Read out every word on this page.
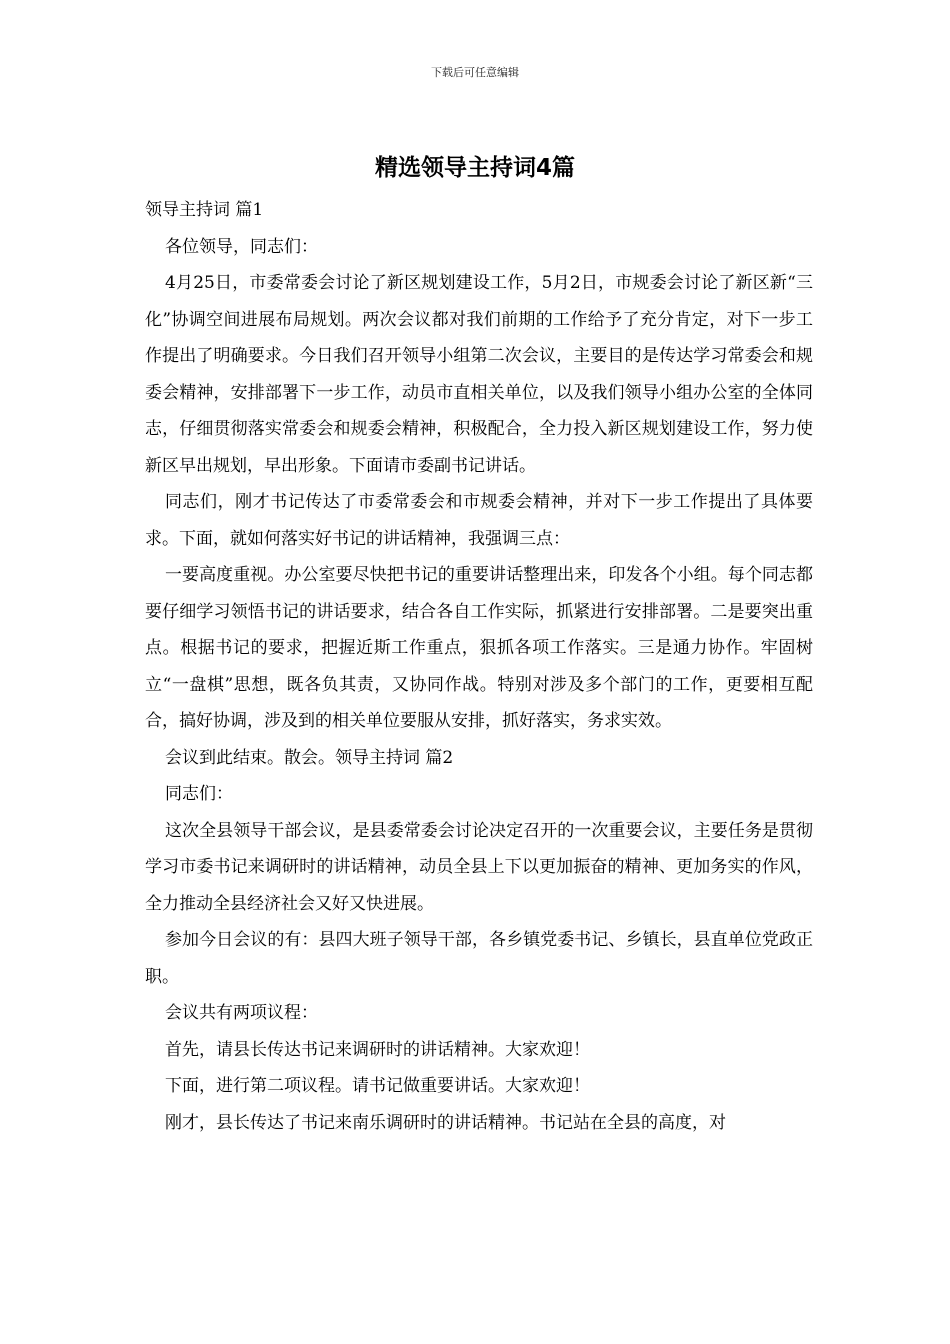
下载后可任意编辑
精选领导主持词4篇

领导主持词 篇1

各位领导，同志们：

4月25日，市委常委会讨论了新区规划建设工作，5月2日，市规委会讨论了新区新“三化”协调空间进展布局规划。两次会议都对我们前期的工作给予了充分肯定，对下一步工作提出了明确要求。今日我们召开领导小组第二次会议，主要目的是传达学习常委会和规委会精神，安排部署下一步工作，动员市直相关单位，以及我们领导小组办公室的全体同志，仔细贯彻落实常委会和规委会精神，积极配合，全力投入新区规划建设工作，努力使新区早出规划，早出形象。下面请市委副书记讲话。

同志们，刚才书记传达了市委常委会和市规委会精神，并对下一步工作提出了具体要求。下面，就如何落实好书记的讲话精神，我强调三点：

一要高度重视。办公室要尽快把书记的重要讲话整理出来，印发各个小组。每个同志都要仔细学习领悟书记的讲话要求，结合各自工作实际，抓紧进行安排部署。二是要突出重点。根据书记的要求，把握近斯工作重点，狠抓各项工作落实。三是通力协作。牢固树立“一盘棋”思想，既各负其责，又协同作战。特别对涉及多个部门的工作，更要相互配合，搞好协调，涉及到的相关单位要服从安排，抓好落实，务求实效。

会议到此结束。散会。领导主持词 篇2

同志们：

这次全县领导干部会议，是县委常委会讨论决定召开的一次重要会议，主要任务是贯彻学习市委书记来调研时的讲话精神，动员全县上下以更加振奋的精神、更加务实的作风，全力推动全县经济社会又好又快进展。

参加今日会议的有：县四大班子领导干部，各乡镇党委书记、乡镇长，县直单位党政正职。

会议共有两项议程：

首先，请县长传达书记来调研时的讲话精神。大家欢迎！

下面，进行第二项议程。请书记做重要讲话。大家欢迎！

刚才，县长传达了书记来南乐调研时的讲话精神。书记站在全县的高度，对
